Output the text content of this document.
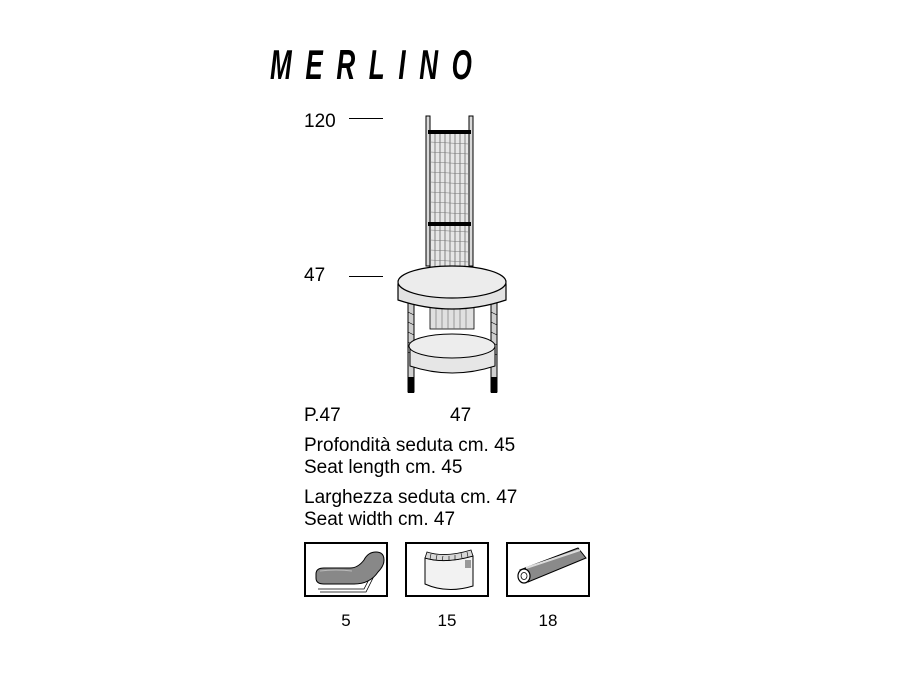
MERLINO
120
47
P.47	47
Profondità seduta cm. 45
Seat length cm. 45
Larghezza seduta cm. 47
Seat width cm. 47
5	15	18
